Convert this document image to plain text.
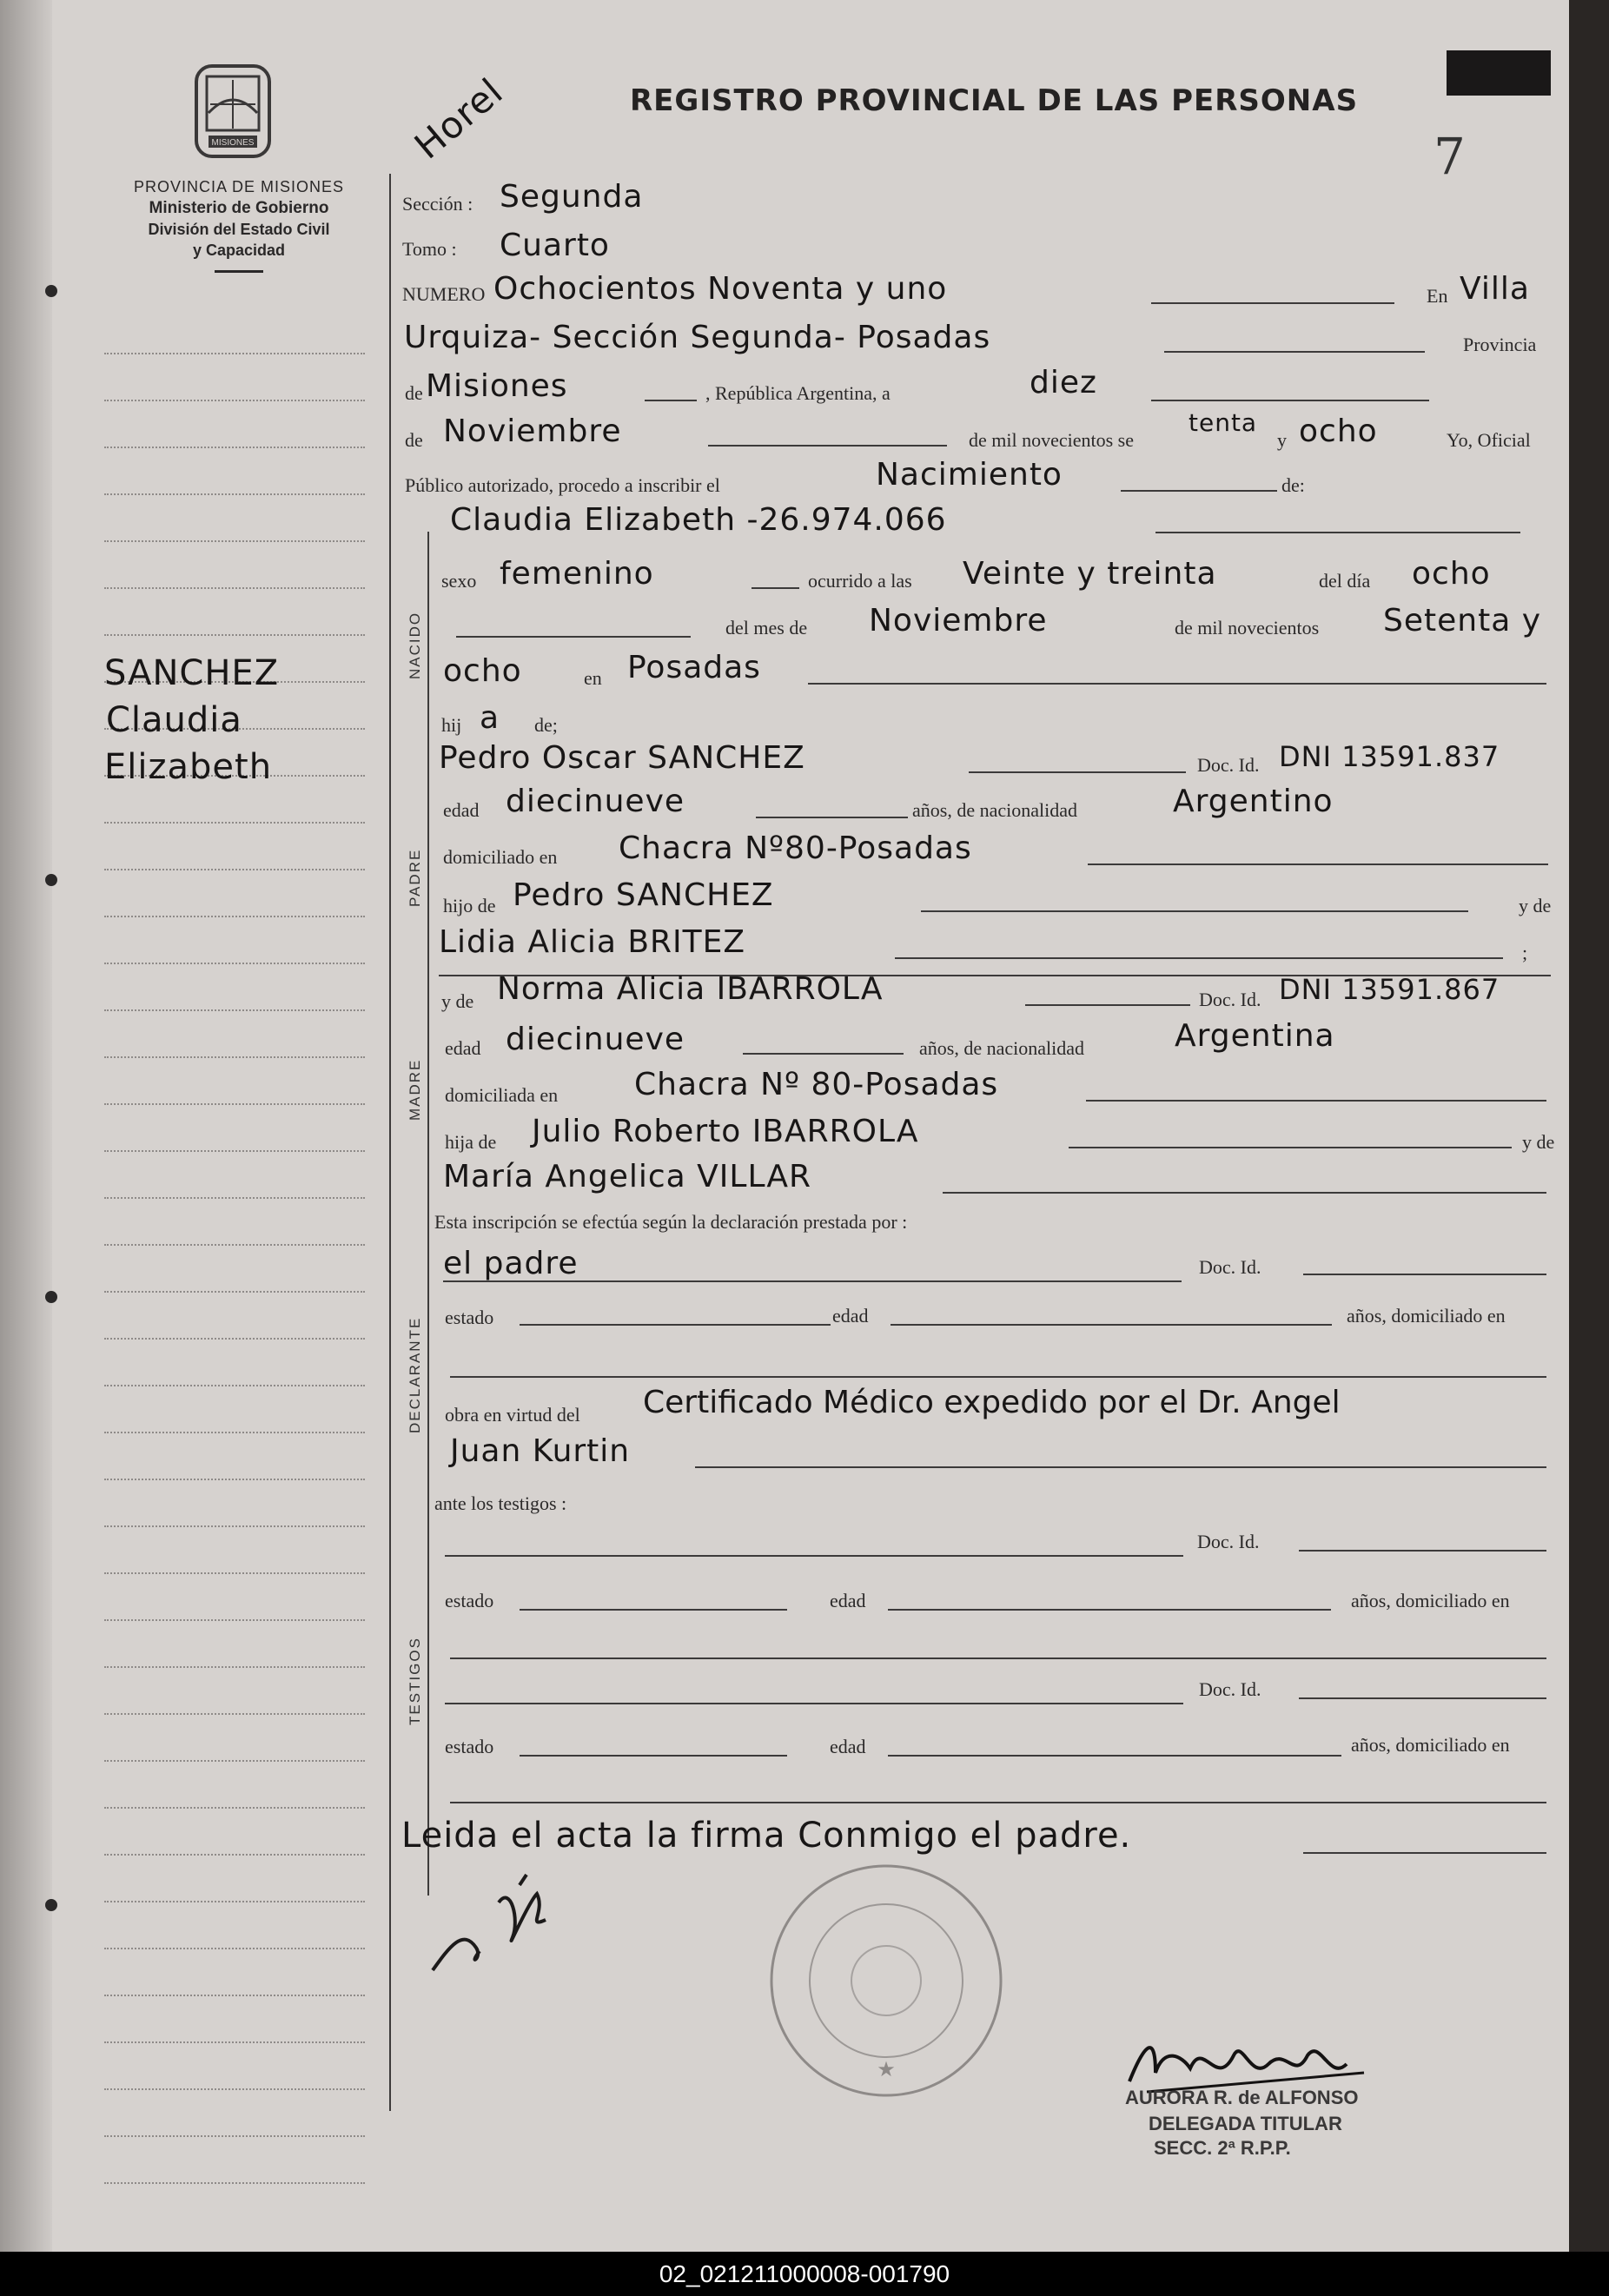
MISIONES
PROVINCIA DE MISIONES
Ministerio de Gobierno
División del Estado Civil
y Capacidad
SANCHEZ
Claudia
Elizabeth
REGISTRO PROVINCIAL DE LAS PERSONAS
7
Horel
Sección : Segunda
Tomo : Cuarto
NUMERO Ochocientos Noventa y uno	En Villa
Urquiza- Sección Segunda- Posadas	Provincia
de Misiones	, República Argentina, a	diez
de Noviembre	de mil novecientos se
tenta
y ocho	Yo, Oficial
Público autorizado, procedo a inscribir el	Nacimiento	de:
NACIDO
Claudia Elizabeth -26.974.066
sexo femenino	ocurrido a las Veinte y treinta	del día ocho
del mes de Noviembre	de mil novecientos Setenta y
ocho	en Posadas
hij a de;
PADRE
Pedro Oscar SANCHEZ	Doc. Id. DNI 13591.837
edad diecinueve	años, de nacionalidad	Argentino
domiciliado en Chacra Nº80-Posadas
hijo de Pedro SANCHEZ	y de
Lidia Alicia BRITEZ	;
MADRE
y de Norma Alicia IBARROLA	Doc. Id. DNI 13591.867
edad diecinueve	años, de nacionalidad	Argentina
domiciliada en Chacra Nº 80-Posadas
hija de Julio Roberto IBARROLA	y de
María Angelica VILLAR
Esta inscripción se efectúa según la declaración prestada por :
DECLARANTE
el padre	Doc. Id.
estado	edad	años, domiciliado en
obra en virtud del Certificado Médico expedido por el Dr. Angel
Juan Kurtin
ante los testigos :
TESTIGOS
Doc. Id.
estado	edad	años, domiciliado en
Doc. Id.
estado	edad	años, domiciliado en
Leida el acta la firma Conmigo el padre.
★
AURORA R. de ALFONSO
DELEGADA TITULAR
SECC. 2ª R.P.P.
02_021211000008-001790
